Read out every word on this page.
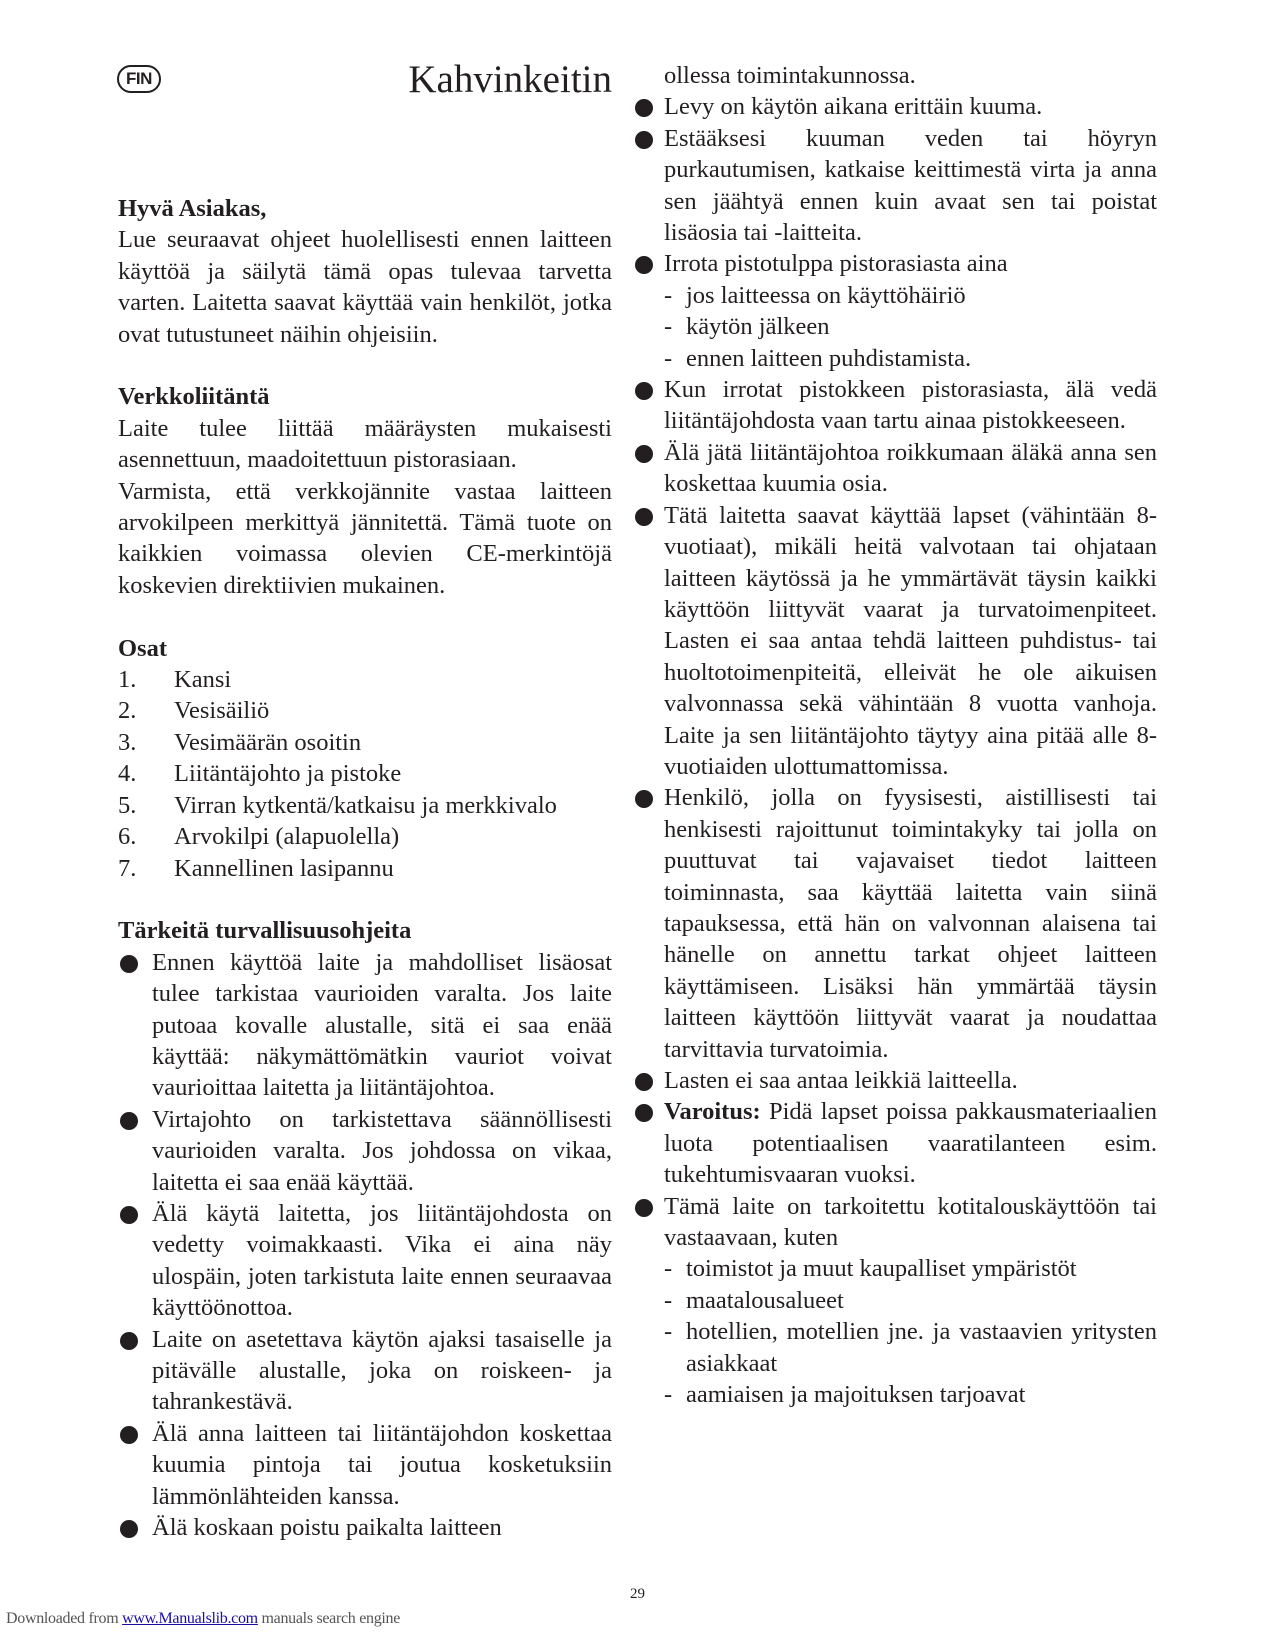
FIN	Kahvinkeitin
Hyvä Asiakas,
Lue seuraavat ohjeet huolellisesti ennen laitteen käyttöä ja säilytä tämä opas tulevaa tarvetta varten. Laitetta saavat käyttää vain henkilöt, jotka ovat tutustuneet näihin ohjeisiin.
Verkkoliitäntä
Laite tulee liittää määräysten mukaisesti asennettuun, maadoitettuun pistorasiaan.
Varmista, että verkkojännite vastaa laitteen arvokilpeen merkittyä jännitettä. Tämä tuote on kaikkien voimassa olevien CE-merkintöjä koskevien direktiivien mukainen.
Osat
1.	Kansi
2.	Vesisäiliö
3.	Vesimäärän osoitin
4.	Liitäntäjohto ja pistoke
5.	Virran kytkentä/katkaisu ja merkkivalo
6.	Arvokilpi (alapuolella)
7.	Kannellinen lasipannu
Tärkeitä turvallisuusohjeita
Ennen käyttöä laite ja mahdolliset lisäosat tulee tarkistaa vaurioiden varalta. Jos laite putoaa kovalle alustalle, sitä ei saa enää käyttää: näkymättömätkin vauriot voivat vaurioittaa laitetta ja liitäntäjohtoa.
Virtajohto on tarkistettava säännöllisesti vaurioiden varalta. Jos johdossa on vikaa, laitetta ei saa enää käyttää.
Älä käytä laitetta, jos liitäntäjohdosta on vedetty voimakkaasti. Vika ei aina näy ulospäin, joten tarkistuta laite ennen seuraavaa käyttöönottoa.
Laite on asetettava käytön ajaksi tasaiselle ja pitävälle alustalle, joka on roiskeen- ja tahrankestävä.
Älä anna laitteen tai liitäntäjohdon koskettaa kuumia pintoja tai joutua kosketuksiin lämmönlähteiden kanssa.
Älä koskaan poistu paikalta laitteen
ollessa toimintakunnossa.
Levy on käytön aikana erittäin kuuma.
Estääksesi kuuman veden tai höyryn purkautumisen, katkaise keittimestä virta ja anna sen jäähtyä ennen kuin avaat sen tai poistat lisäosia tai -laitteita.
Irrota pistotulppa pistorasiasta aina
- jos laitteessa on käyttöhäiriö
- käytön jälkeen
- ennen laitteen puhdistamista.
Kun irrotat pistokkeen pistorasiasta, älä vedä liitäntäjohdosta vaan tartu ainaa pistokkeeseen.
Älä jätä liitäntäjohtoa roikkumaan äläkä anna sen koskettaa kuumia osia.
Tätä laitetta saavat käyttää lapset (vähintään 8-vuotiaat), mikäli heitä valvotaan tai ohjataan laitteen käytössä ja he ymmärtävät täysin kaikki käyttöön liittyvät vaarat ja turvatoimenpiteet. Lasten ei saa antaa tehdä laitteen puhdistus- tai huoltotoimenpiteitä, elleivät he ole aikuisen valvonnassa sekä vähintään 8 vuotta vanhoja. Laite ja sen liitäntäjohto täytyy aina pitää alle 8-vuotiaiden ulottumattomissa.
Henkilö, jolla on fyysisesti, aistillisesti tai henkisesti rajoittunut toimintakyky tai jolla on puuttuvat tai vajavaiset tiedot laitteen toiminnasta, saa käyttää laitetta vain siinä tapauksessa, että hän on valvonnan alaisena tai hänelle on annettu tarkat ohjeet laitteen käyttämiseen. Lisäksi hän ymmärtää täysin laitteen käyttöön liittyvät vaarat ja noudattaa tarvittavia turvatoimia.
Lasten ei saa antaa leikkiä laitteella.
Varoitus: Pidä lapset poissa pakkausmateriaalien luota potentiaalisen vaaratilanteen esim. tukehtumisvaaran vuoksi.
Tämä laite on tarkoitettu kotitalouskäyttöön tai vastaavaan, kuten
- toimistot ja muut kaupalliset ympäristöt
- maatalousalueet
- hotellien, motellien jne. ja vastaavien yritysten asiakkaat
- aamiaisen ja majoituksen tarjoavat
29
Downloaded from www.Manualslib.com manuals search engine
